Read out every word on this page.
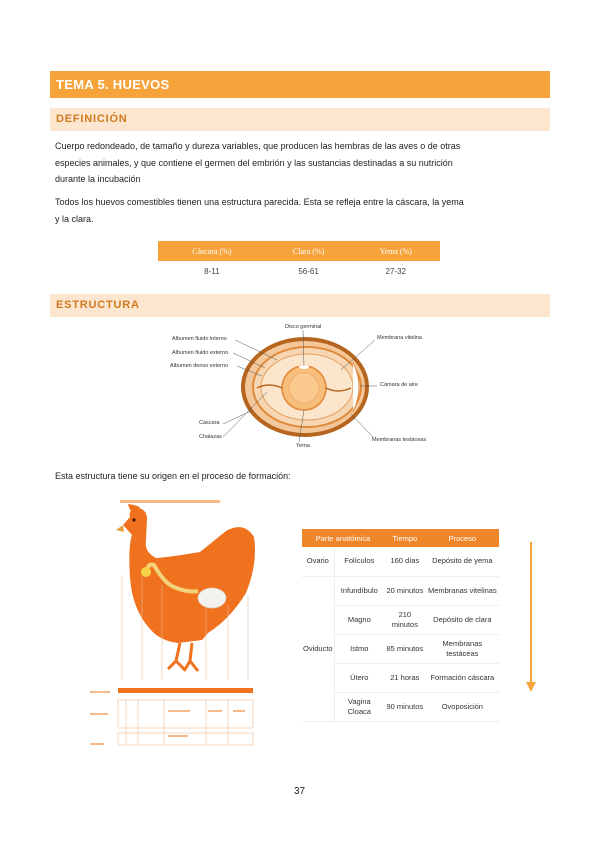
TEMA 5. HUEVOS
DEFINICIÓN
Cuerpo redondeado, de tamaño y dureza variables, que producen las hembras de las aves o de otras
especies animales, y que contiene el germen del embrión y las sustancias destinadas a su nutrición
durante la incubación
Todos los huevos comestibles tienen una estructura parecida. Esta se refleja entre la cáscara, la yema
y la clara.
Cáscara (%)	Clara (%)	Yema (%)
8-11	56-61	27-32
ESTRUCTURA
Albumen fluido interno
Albumen fluido externo
Albumen denso externo
Disco germinal
Membrana vitelina
Cámara de aire
Cáscara
Chalazas
Yema
Membranas testáceas
Esta estructura tiene su origen en el proceso de formación:
Parte anatómica		Tiempo	Proceso
Ovario	Folículos	160 días	Depósito de yema
Oviducto	Infundíbulo	20 minutos	Membranas vitelinas
	Magno	210 minutos	Depósito de clara
	Istmo	85 minutos	Membranas testáceas
	Útero	21 horas	Formación cáscara
	Vagina Cloaca	90 minutos	Ovoposición
37
